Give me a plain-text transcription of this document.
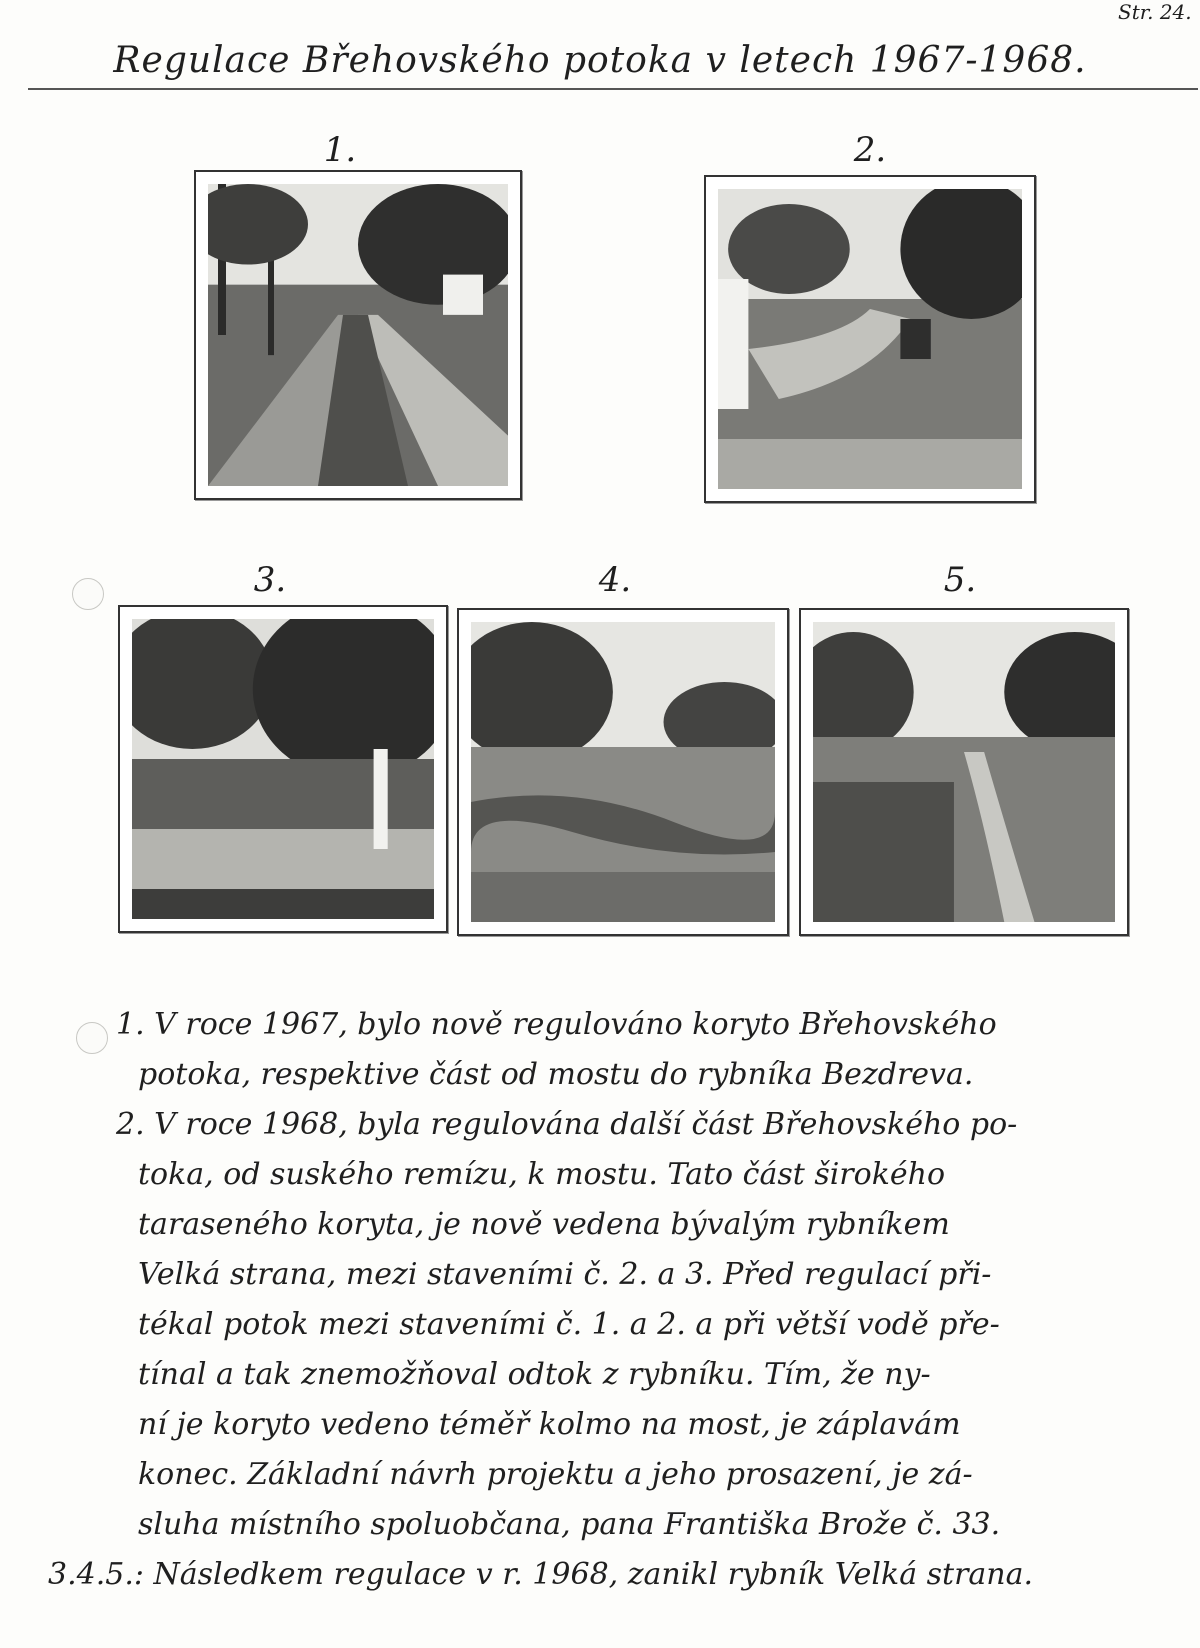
Str. 24.
Regulace Břehovského potoka v letech 1967-1968.
1.	2.
3.	4.	5.
1. V roce 1967, bylo nově regulováno koryto Břehovského
potoka, respektive část od mostu do rybníka Bezdreva.
2. V roce 1968, byla regulována další část Břehovského po-
toka, od suského remízu, k mostu. Tato část širokého
taraseného koryta, je nově vedena bývalým rybníkem
Velká strana, mezi staveními č. 2. a 3. Před regulací při-
tékal potok mezi staveními č. 1. a 2. a při větší vodě pře-
tínal a tak znemožňoval odtok z rybníku. Tím, že ny-
ní je koryto vedeno téměř kolmo na most, je záplavám
konec. Základní návrh projektu a jeho prosazení, je zá-
sluha místního spoluobčana, pana Františka Brože č. 33.
3.4.5.: Následkem regulace v r. 1968, zanikl rybník Velká strana.
